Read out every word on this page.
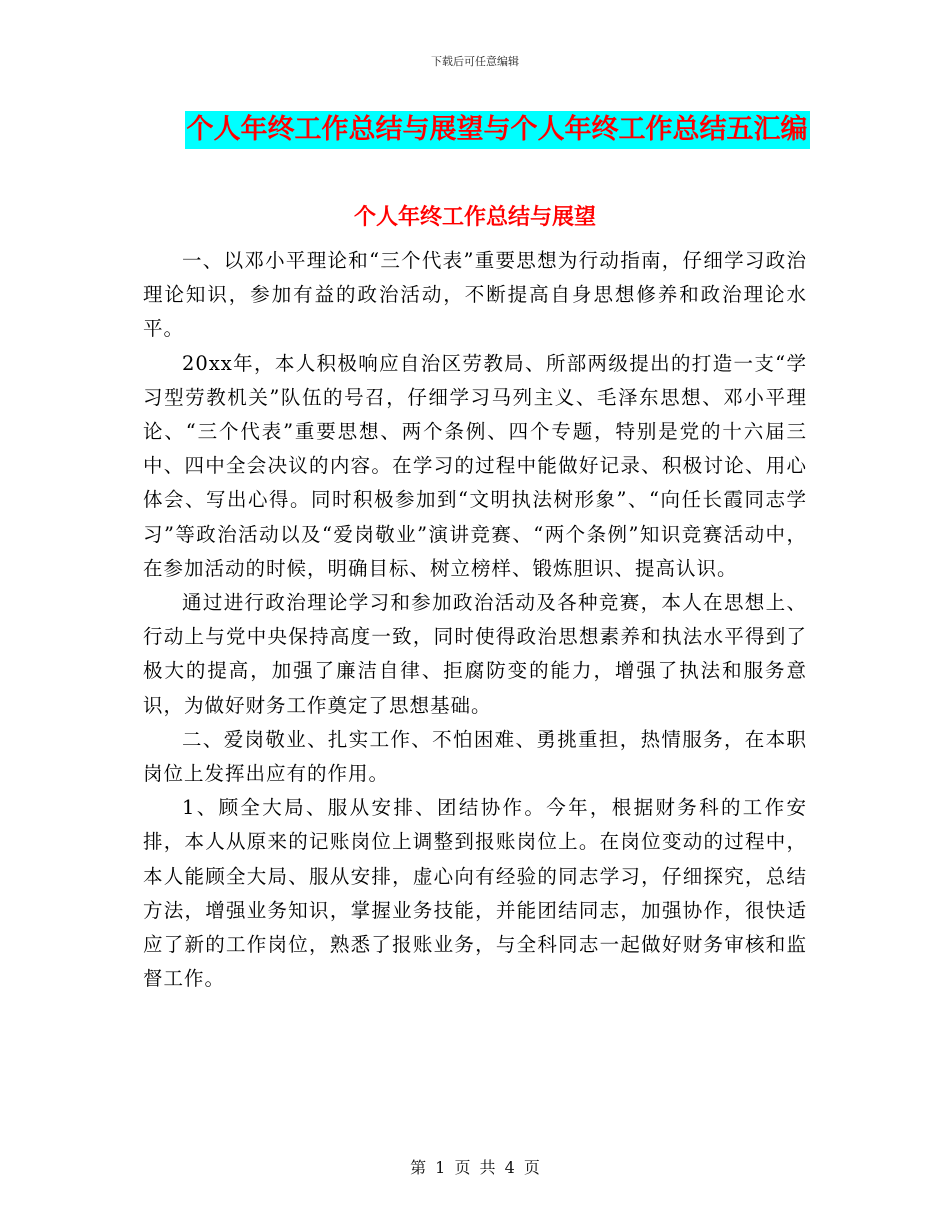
下载后可任意编辑
个人年终工作总结与展望与个人年终工作总结五汇编
个人年终工作总结与展望

一、以邓小平理论和“三个代表”重要思想为行动指南，仔细学习政治理论知识，参加有益的政治活动，不断提高自身思想修养和政治理论水平。

20xx年，本人积极响应自治区劳教局、所部两级提出的打造一支“学习型劳教机关”队伍的号召，仔细学习马列主义、毛泽东思想、邓小平理论、“三个代表”重要思想、两个条例、四个专题，特别是党的十六届三中、四中全会决议的内容。在学习的过程中能做好记录、积极讨论、用心体会、写出心得。同时积极参加到“文明执法树形象”、“向任长霞同志学习”等政治活动以及“爱岗敬业”演讲竞赛、“两个条例”知识竞赛活动中，在参加活动的时候，明确目标、树立榜样、锻炼胆识、提高认识。

通过进行政治理论学习和参加政治活动及各种竞赛，本人在思想上、行动上与党中央保持高度一致，同时使得政治思想素养和执法水平得到了极大的提高，加强了廉洁自律、拒腐防变的能力，增强了执法和服务意识，为做好财务工作奠定了思想基础。

二、爱岗敬业、扎实工作、不怕困难、勇挑重担，热情服务，在本职岗位上发挥出应有的作用。

1、顾全大局、服从安排、团结协作。今年，根据财务科的工作安排，本人从原来的记账岗位上调整到报账岗位上。在岗位变动的过程中，本人能顾全大局、服从安排，虚心向有经验的同志学习，仔细探究，总结方法，增强业务知识，掌握业务技能，并能团结同志，加强协作，很快适应了新的工作岗位，熟悉了报账业务，与全科同志一起做好财务审核和监督工作。

第 1 页 共 4 页
